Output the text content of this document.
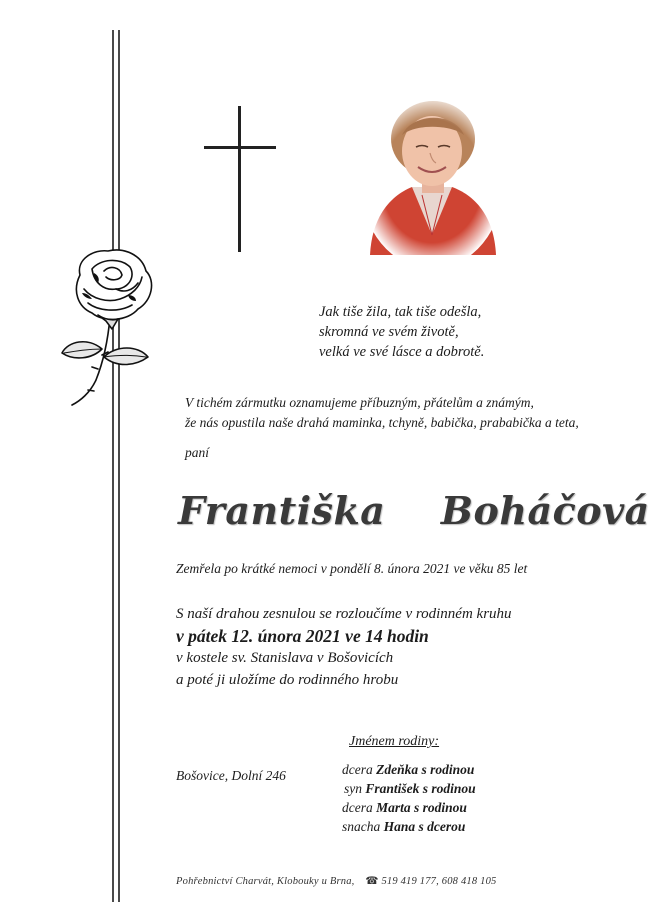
Jak tiše žila, tak tiše odešla,
skromná ve svém životě,
velká ve své lásce a dobrotě.
V tichém zármutku oznamujeme příbuzným, přátelům a známým,
že nás opustila naše drahá maminka, tchyně, babička, prababička a teta,
paní
Františka  Boháčová
Zemřela po krátké nemoci v pondělí 8. února 2021 ve věku 85 let
S naší drahou zesnulou se rozloučíme v rodinném kruhu
v pátek 12. února 2021 ve 14 hodin
v kostele sv. Stanislava v Bošovicích
a poté ji uložíme do rodinného hrobu
Bošovice, Dolní 246
Jménem rodiny:
dcera Zdeňka s rodinou
syn František s rodinou
dcera Marta s rodinou
snacha Hana s dcerou
Pohřebnictví Charvát, Klobouky u Brna, ☎ 519 419 177, 608 418 105
